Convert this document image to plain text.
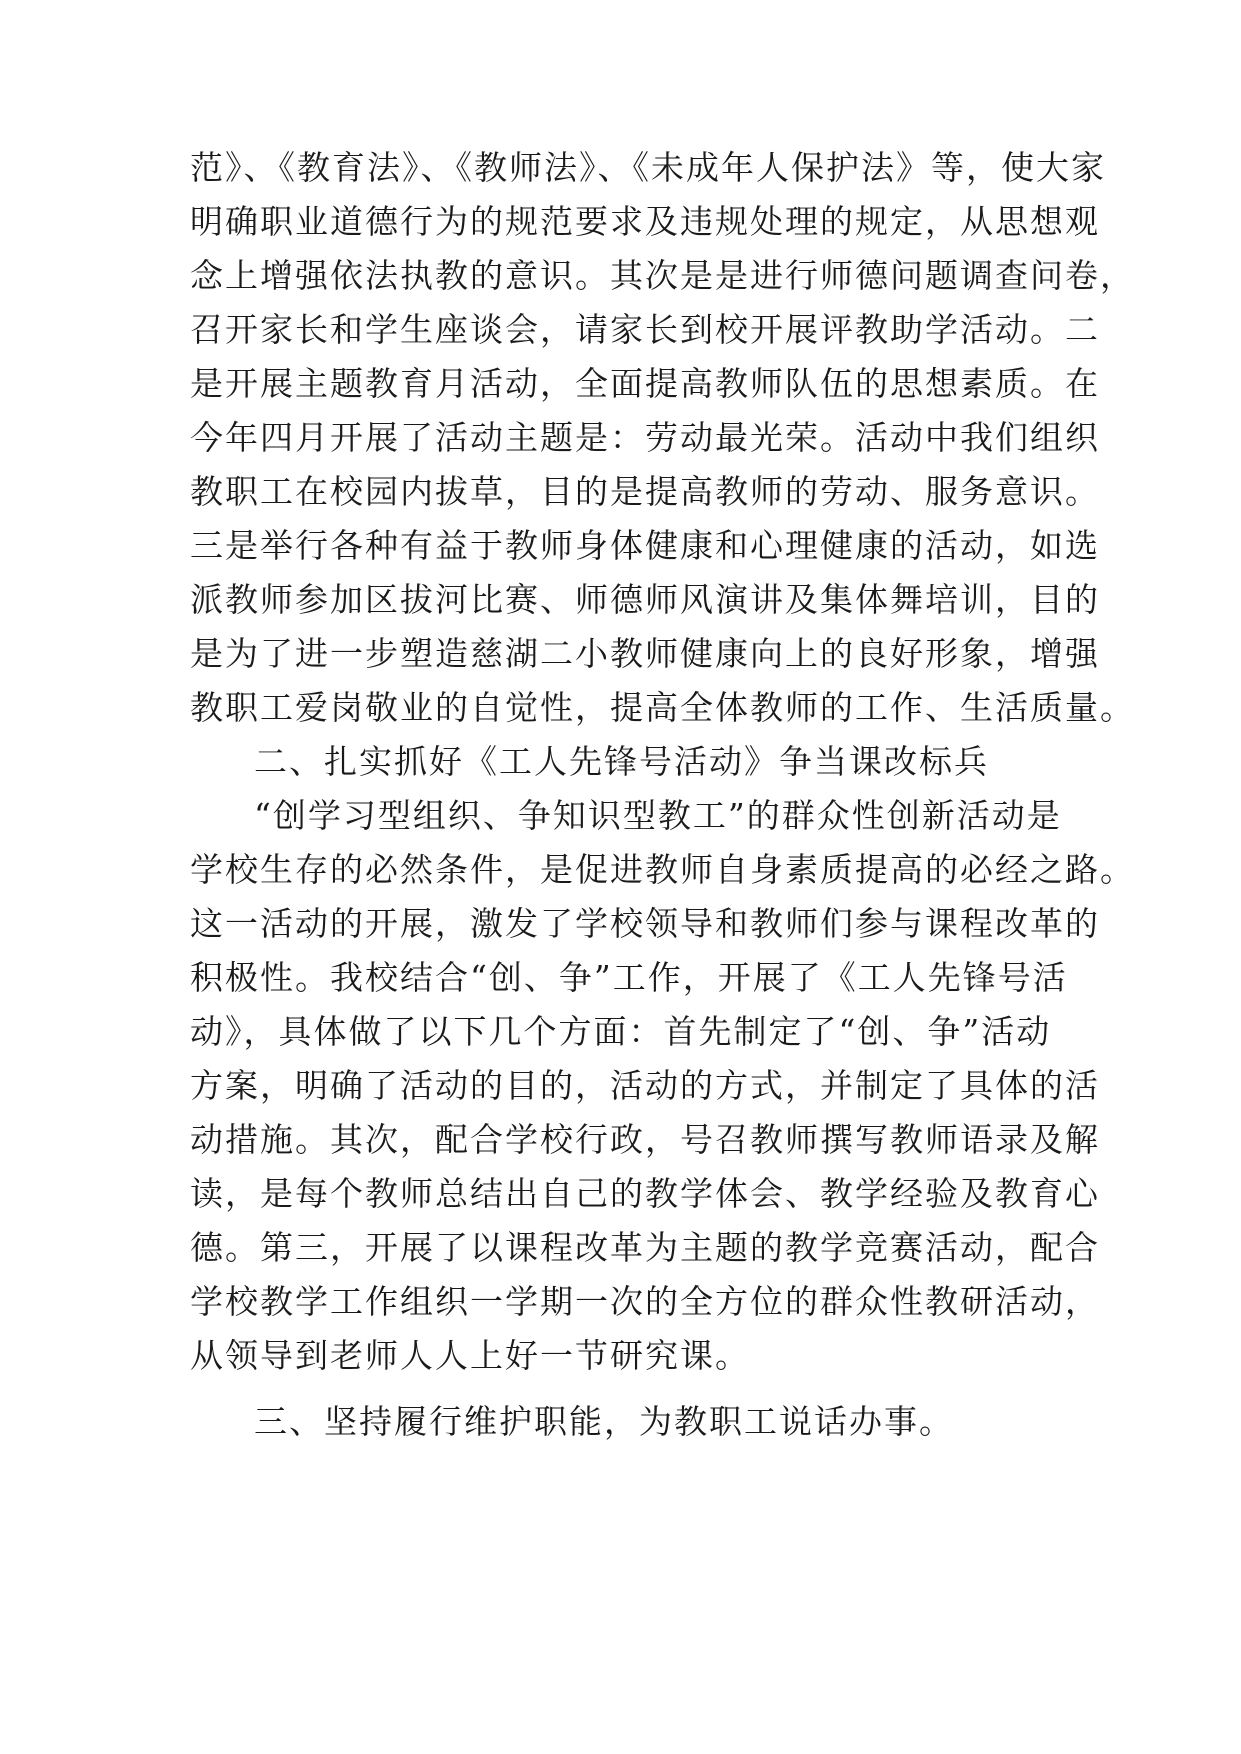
范》、《教育法》、《教师法》、《未成年人保护法》等，使大家
明确职业道德行为的规范要求及违规处理的规定，从思想观
念上增强依法执教的意识。其次是是进行师德问题调查问卷，
召开家长和学生座谈会，请家长到校开展评教助学活动。二
是开展主题教育月活动，全面提高教师队伍的思想素质。在
今年四月开展了活动主题是：劳动最光荣。活动中我们组织
教职工在校园内拔草，目的是提高教师的劳动、服务意识。
三是举行各种有益于教师身体健康和心理健康的活动，如选
派教师参加区拔河比赛、师德师风演讲及集体舞培训，目的
是为了进一步塑造慈湖二小教师健康向上的良好形象，增强
教职工爱岗敬业的自觉性，提高全体教师的工作、生活质量。
二、扎实抓好《工人先锋号活动》争当课改标兵
“创学习型组织、争知识型教工”的群众性创新活动是
学校生存的必然条件，是促进教师自身素质提高的必经之路。
这一活动的开展，激发了学校领导和教师们参与课程改革的
积极性。我校结合“创、争”工作，开展了《工人先锋号活
动》，具体做了以下几个方面：首先制定了“创、争”活动
方案，明确了活动的目的，活动的方式，并制定了具体的活
动措施。其次，配合学校行政，号召教师撰写教师语录及解
读，是每个教师总结出自己的教学体会、教学经验及教育心
德。第三，开展了以课程改革为主题的教学竞赛活动，配合
学校教学工作组织一学期一次的全方位的群众性教研活动，
从领导到老师人人上好一节研究课。
三、坚持履行维护职能，为教职工说话办事。
